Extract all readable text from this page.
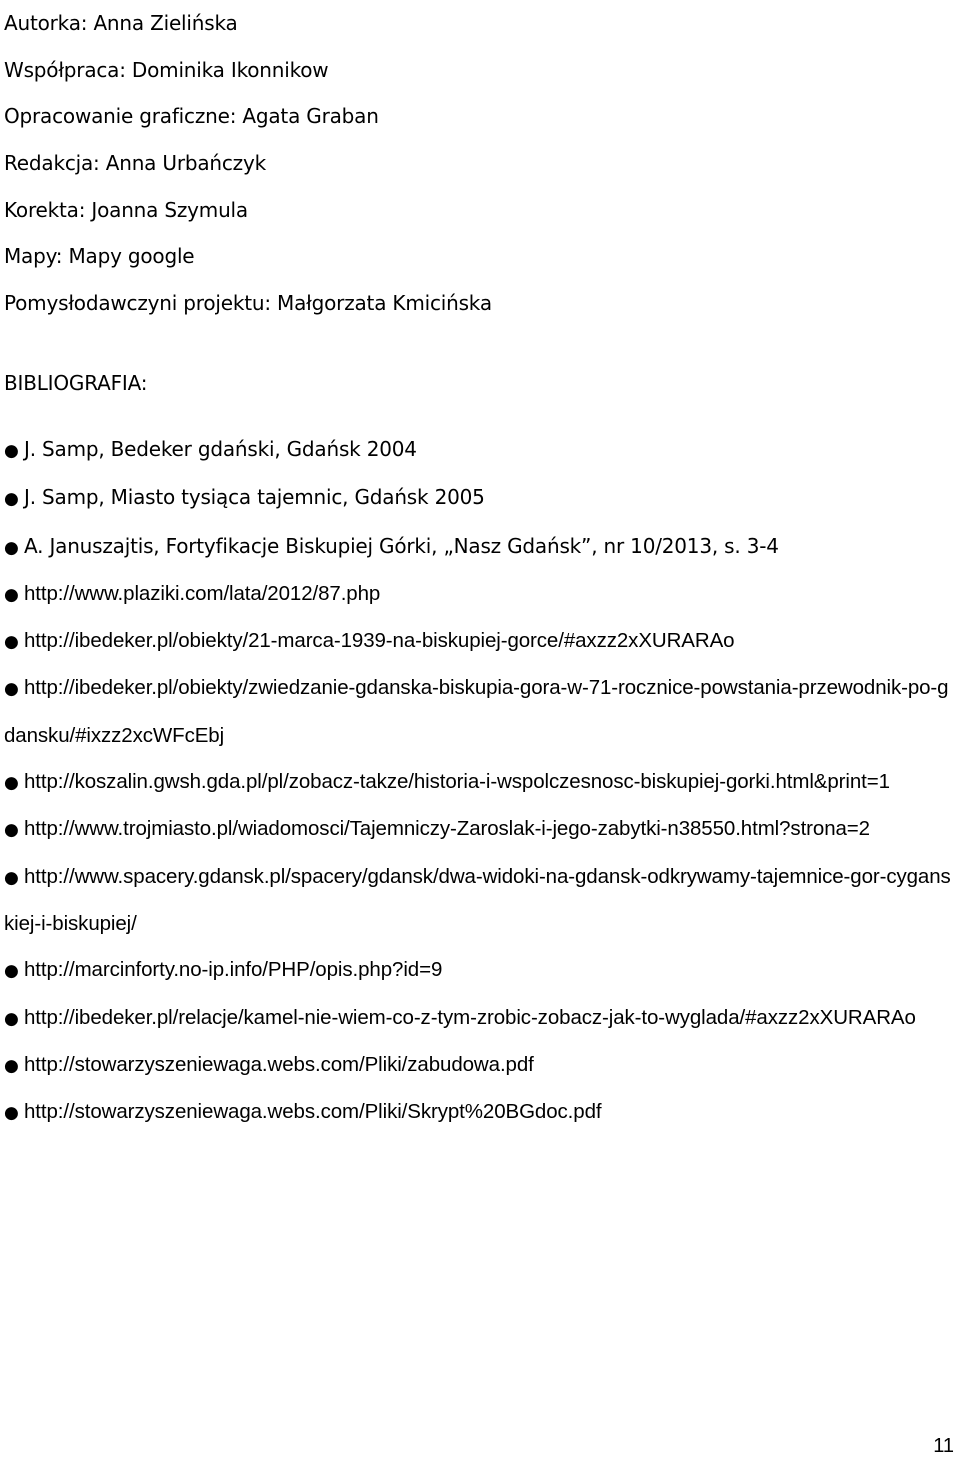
Autorka: Anna Zielińska
Współpraca: Dominika Ikonnikow
Opracowanie graficzne: Agata Graban
Redakcja: Anna Urbańczyk
Korekta: Joanna Szymula
Mapy: Mapy google
Pomysłodawczyni projektu: Małgorzata Kmicińska
BIBLIOGRAFIA:
● J. Samp, Bedeker gdański, Gdańsk 2004
● J. Samp, Miasto tysiąca tajemnic, Gdańsk 2005
● A. Januszajtis, Fortyfikacje Biskupiej Górki, „Nasz Gdańsk”, nr 10/2013, s. 3-4
● http://www.plaziki.com/lata/2012/87.php
● http://ibedeker.pl/obiekty/21-marca-1939-na-biskupiej-gorce/#axzz2xXURARAo
● http://ibedeker.pl/obiekty/zwiedzanie-gdanska-biskupia-gora-w-71-rocznice-powstania-przewodnik-po-gdansku/#ixzz2xcWFcEbj
● http://koszalin.gwsh.gda.pl/pl/zobacz-takze/historia-i-wspolczesnosc-biskupiej-gorki.html&print=1
● http://www.trojmiasto.pl/wiadomosci/Tajemniczy-Zaroslak-i-jego-zabytki-n38550.html?strona=2
● http://www.spacery.gdansk.pl/spacery/gdansk/dwa-widoki-na-gdansk-odkrywamy-tajemnice-gor-cyganskiej-i-biskupiej/
● http://marcinforty.no-ip.info/PHP/opis.php?id=9
● http://ibedeker.pl/relacje/kamel-nie-wiem-co-z-tym-zrobic-zobacz-jak-to-wyglada/#axzz2xXURARAo
● http://stowarzyszeniewaga.webs.com/Pliki/zabudowa.pdf
● http://stowarzyszeniewaga.webs.com/Pliki/Skrypt%20BGdoc.pdf
11
